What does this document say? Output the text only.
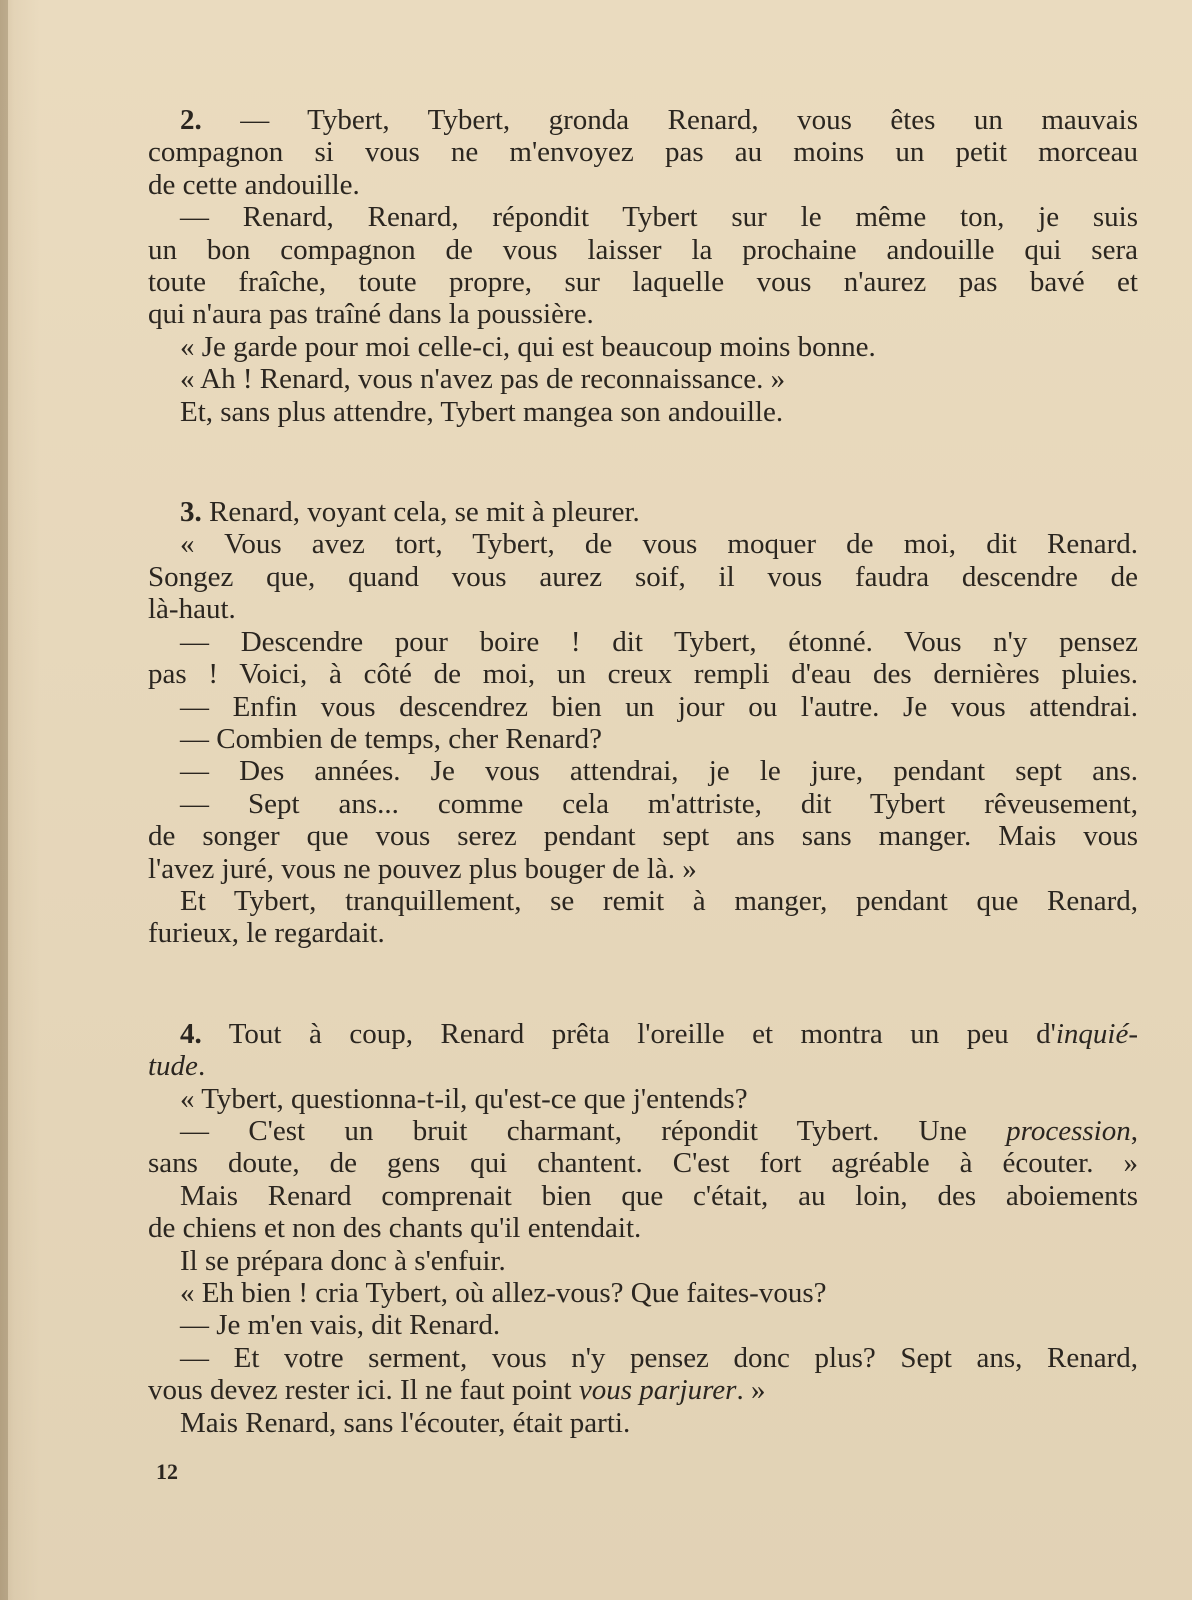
2. — Tybert, Tybert, gronda Renard, vous êtes un mauvais
compagnon si vous ne m'envoyez pas au moins un petit morceau
de cette andouille.
— Renard, Renard, répondit Tybert sur le même ton, je suis
un bon compagnon de vous laisser la prochaine andouille qui sera
toute fraîche, toute propre, sur laquelle vous n'aurez pas bavé et
qui n'aura pas traîné dans la poussière.
« Je garde pour moi celle-ci, qui est beaucoup moins bonne.
« Ah ! Renard, vous n'avez pas de reconnaissance. »
Et, sans plus attendre, Tybert mangea son andouille.
3. Renard, voyant cela, se mit à pleurer.
« Vous avez tort, Tybert, de vous moquer de moi, dit Renard.
Songez que, quand vous aurez soif, il vous faudra descendre de
là-haut.
— Descendre pour boire ! dit Tybert, étonné. Vous n'y pensez
pas ! Voici, à côté de moi, un creux rempli d'eau des dernières pluies.
— Enfin vous descendrez bien un jour ou l'autre. Je vous attendrai.
— Combien de temps, cher Renard?
— Des années. Je vous attendrai, je le jure, pendant sept ans.
— Sept ans... comme cela m'attriste, dit Tybert rêveusement,
de songer que vous serez pendant sept ans sans manger. Mais vous
l'avez juré, vous ne pouvez plus bouger de là. »
Et Tybert, tranquillement, se remit à manger, pendant que Renard,
furieux, le regardait.
4. Tout à coup, Renard prêta l'oreille et montra un peu d'inquié-
tude.
« Tybert, questionna-t-il, qu'est-ce que j'entends?
— C'est un bruit charmant, répondit Tybert. Une procession,
sans doute, de gens qui chantent. C'est fort agréable à écouter. »
Mais Renard comprenait bien que c'était, au loin, des aboiements
de chiens et non des chants qu'il entendait.
Il se prépara donc à s'enfuir.
« Eh bien ! cria Tybert, où allez-vous? Que faites-vous?
— Je m'en vais, dit Renard.
— Et votre serment, vous n'y pensez donc plus? Sept ans, Renard,
vous devez rester ici. Il ne faut point vous parjurer. »
Mais Renard, sans l'écouter, était parti.
12
